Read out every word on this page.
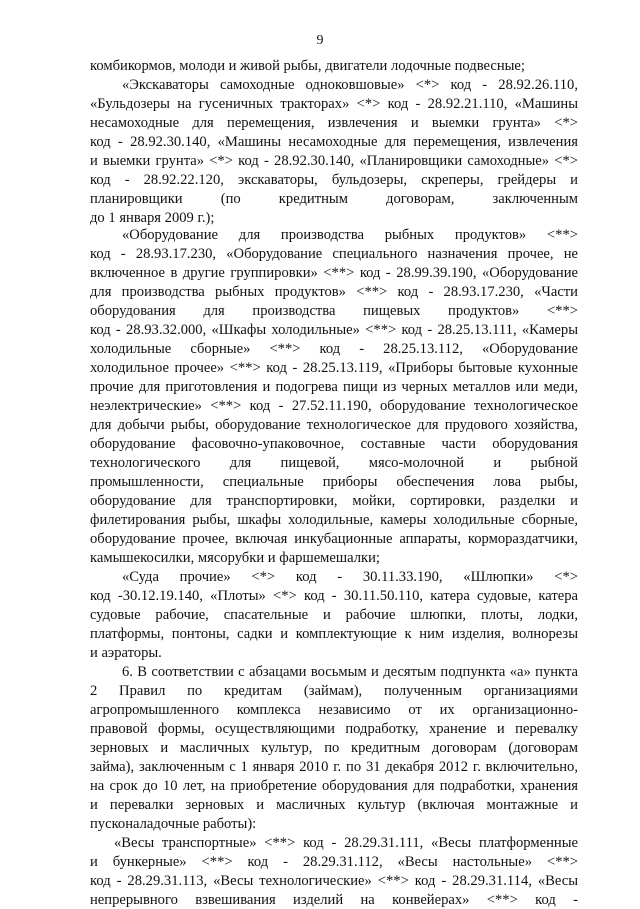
9

комбикормов, молоди и живой рыбы, двигатели лодочные подвесные;

«Экскаваторы самоходные одноковшовые» <*> код - 28.92.26.110,

«Бульдозеры на гусеничных тракторах» <*> код - 28.92.21.110, «Машины

несамоходные для перемещения, извлечения и выемки грунта» <*>

код - 28.92.30.140, «Машины несамоходные для перемещения, извлечения

и выемки грунта» <*> код - 28.92.30.140, «Планировщики самоходные» <*>

код - 28.92.22.120, экскаваторы, бульдозеры, скреперы, грейдеры и

планировщики (по кредитным договорам, заключенным

до 1 января 2009 г.);

«Оборудование для производства рыбных продуктов» <**>

код - 28.93.17.230, «Оборудование специального назначения прочее, не

включенное в другие группировки» <**> код - 28.99.39.190, «Оборудование

для производства рыбных продуктов» <**> код - 28.93.17.230, «Части

оборудования для производства пищевых продуктов» <**>

код - 28.93.32.000, «Шкафы холодильные» <**> код - 28.25.13.111, «Камеры

холодильные сборные» <**> код - 28.25.13.112, «Оборудование

холодильное прочее» <**> код - 28.25.13.119, «Приборы бытовые кухонные

прочие для приготовления и подогрева пищи из черных металлов или меди,

неэлектрические» <**> код - 27.52.11.190, оборудование технологическое

для добычи рыбы, оборудование технологическое для прудового хозяйства,

оборудование фасовочно-упаковочное, составные части оборудования

технологического для пищевой, мясо-молочной и рыбной

промышленности, специальные приборы обеспечения лова рыбы,

оборудование для транспортировки, мойки, сортировки, разделки и

филетирования рыбы, шкафы холодильные, камеры холодильные сборные,

оборудование прочее, включая инкубационные аппараты, кормораздатчики,

камышекосилки, мясорубки и фаршемешалки;

«Суда прочие» <*> код - 30.11.33.190, «Шлюпки» <*>

код -30.12.19.140, «Плоты» <*> код - 30.11.50.110, катера судовые, катера

судовые рабочие, спасательные и рабочие шлюпки, плоты, лодки,

платформы, понтоны, садки и комплектующие к ним изделия, волнорезы

и аэраторы.

6. В соответствии с абзацами восьмым и десятым подпункта «а» пункта

2 Правил по кредитам (займам), полученным организациями

агропромышленного комплекса независимо от их организационно-

правовой формы, осуществляющими подработку, хранение и перевалку

зерновых и масличных культур, по кредитным договорам (договорам

займа), заключенным с 1 января 2010 г. по 31 декабря 2012 г. включительно,

на срок до 10 лет, на приобретение оборудования для подработки, хранения

и перевалки зерновых и масличных культур (включая монтажные и

пусконаладочные работы):

«Весы транспортные» <**> код - 28.29.31.111, «Весы платформенные

и бункерные» <**> код - 28.29.31.112, «Весы настольные» <**>

код - 28.29.31.113, «Весы технологические» <**> код - 28.29.31.114, «Весы

непрерывного взвешивания изделий на конвейерах» <**> код -
